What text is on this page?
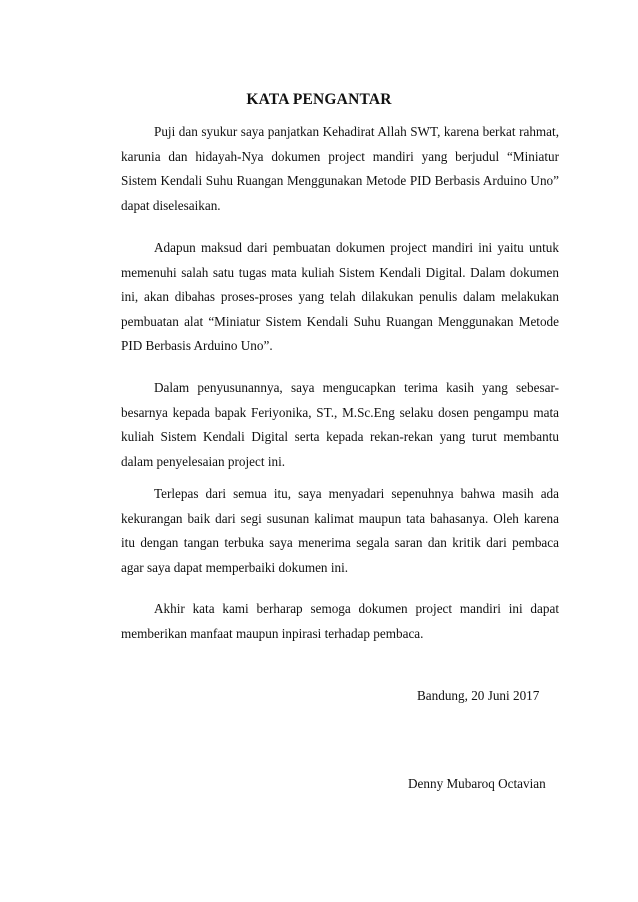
KATA PENGANTAR

Puji dan syukur saya panjatkan Kehadirat Allah SWT, karena berkat rahmat, karunia dan hidayah-Nya dokumen project mandiri yang berjudul “Miniatur Sistem Kendali Suhu Ruangan Menggunakan Metode PID Berbasis Arduino Uno” dapat diselesaikan.

Adapun maksud dari pembuatan dokumen project mandiri ini yaitu untuk memenuhi salah satu tugas mata kuliah Sistem Kendali Digital. Dalam dokumen ini, akan dibahas proses-proses yang telah dilakukan penulis dalam melakukan pembuatan alat “Miniatur Sistem Kendali Suhu Ruangan Menggunakan Metode PID Berbasis Arduino Uno”.

Dalam penyusunannya, saya mengucapkan terima kasih yang sebesar-besarnya kepada bapak Feriyonika, ST., M.Sc.Eng selaku dosen pengampu mata kuliah Sistem Kendali Digital serta kepada rekan-rekan yang turut membantu dalam penyelesaian project ini.

Terlepas dari semua itu, saya menyadari sepenuhnya bahwa masih ada kekurangan baik dari segi susunan kalimat maupun tata bahasanya. Oleh karena itu dengan tangan terbuka saya menerima segala saran dan kritik dari pembaca agar saya dapat memperbaiki dokumen ini.

Akhir kata kami berharap semoga dokumen project mandiri ini dapat memberikan manfaat maupun inpirasi terhadap pembaca.

Bandung, 20 Juni 2017
Denny Mubaroq Octavian
